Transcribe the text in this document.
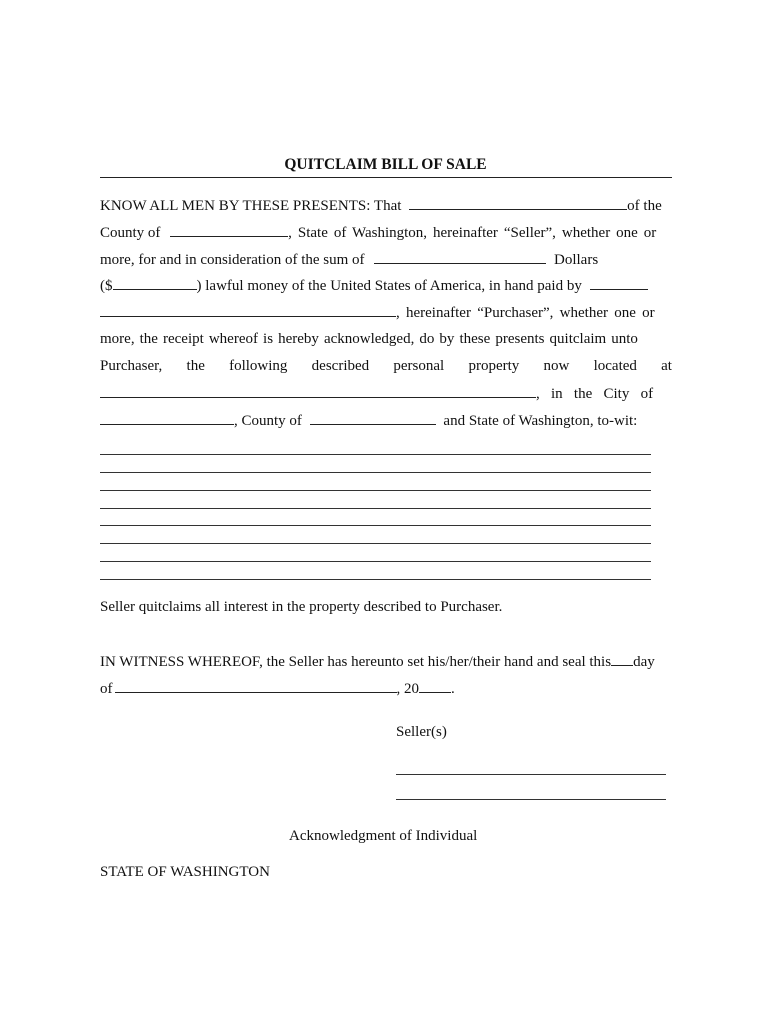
QUITCLAIM BILL OF SALE
KNOW ALL MEN BY THESE PRESENTS: That	of the
County of	, State of Washington, hereinafter “Seller”, whether one or
more, for and in consideration of the sum of	Dollars
($	) lawful money of the United States of America, in hand paid by
, hereinafter “Purchaser”, whether one or
more, the receipt whereof is hereby acknowledged, do by these presents quitclaim unto
Purchaser, the following described personal property now located at
,   in   the   City   of
, County of	and State of Washington, to-wit:
Seller quitclaims all interest in the property described to Purchaser.
IN WITNESS WHEREOF, the Seller has hereunto set his/her/their hand and seal this day
of	, 20 .
Seller(s)
Acknowledgment of Individual
STATE OF WASHINGTON
